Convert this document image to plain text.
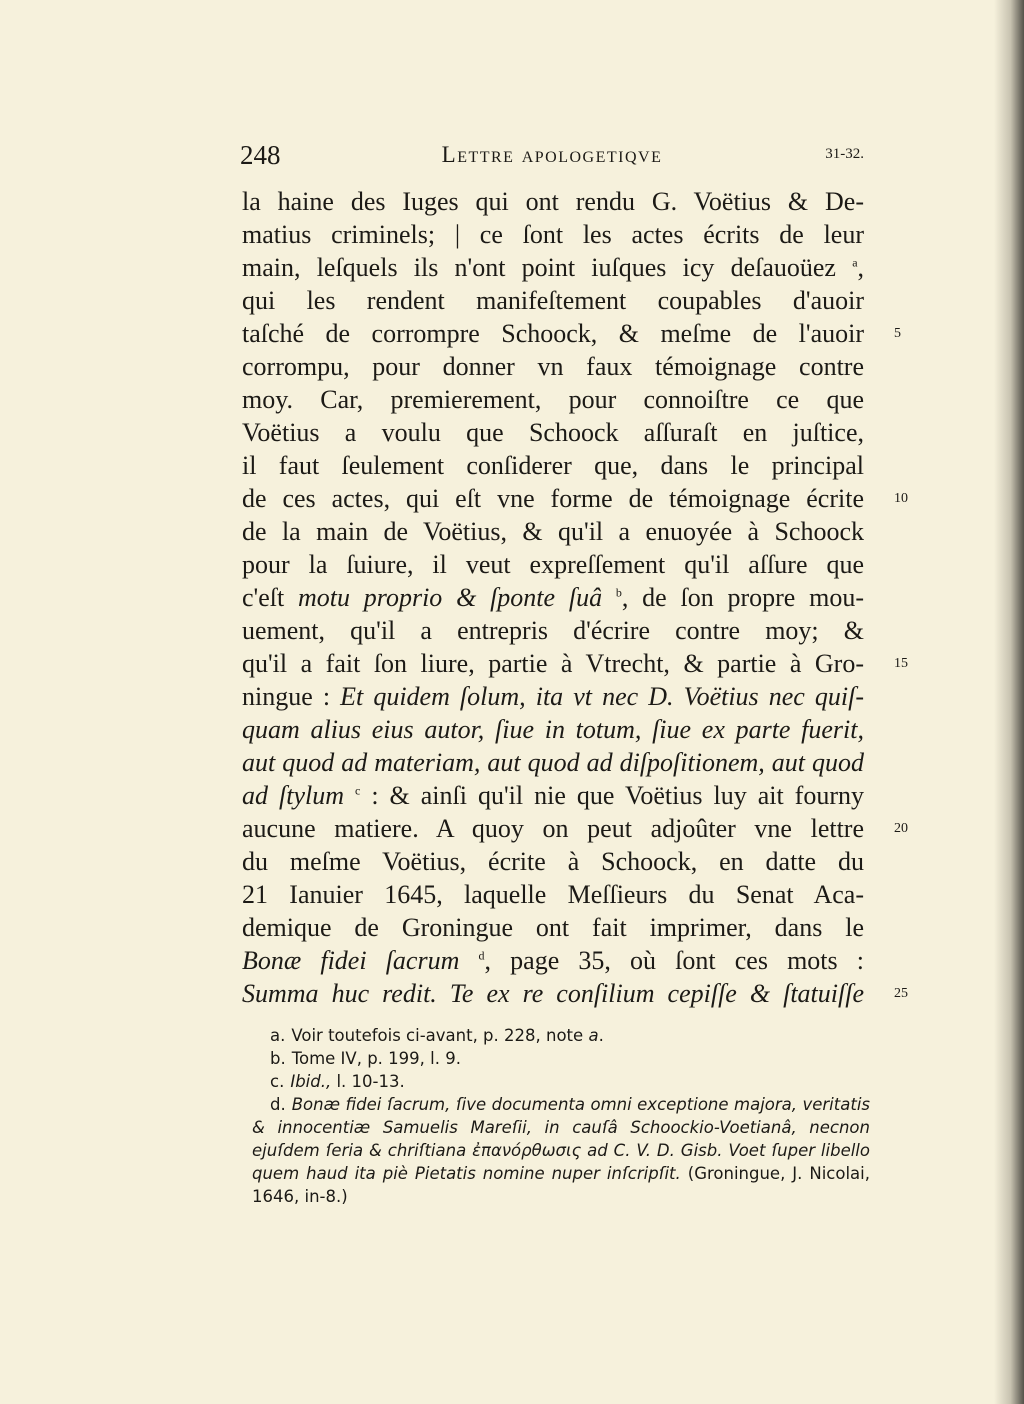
248	Lettre apologetiqve	31-32.
la haine des Iuges qui ont rendu G. Voëtius & De-
matius criminels; | ce ſont les actes écrits de leur
main, leſquels ils n'ont point iuſques icy deſauoüez $^a$,
qui les rendent manifeſtement coupables d'auoir
taſché de corrompre Schoock, & meſme de l'auoir 5
corrompu, pour donner vn faux témoignage contre
moy. Car, premierement, pour connoiſtre ce que
Voëtius a voulu que Schoock aſſuraſt en juſtice,
il faut ſeulement conſiderer que, dans le principal
de ces actes, qui eſt vne forme de témoignage écrite 10
de la main de Voëtius, & qu'il a enuoyée à Schoock
pour la ſuiure, il veut expreſſement qu'il aſſure que
c'eſt motu proprio & ſponte ſuâ $^b$, de ſon propre mou-
uement, qu'il a entrepris d'écrire contre moy; &
qu'il a fait ſon liure, partie à Vtrecht, & partie à Gro- 15
ningue : Et quidem ſolum, ita vt nec D. Voëtius nec quiſ-
quam alius eius autor, ſiue in totum, ſiue ex parte fuerit,
aut quod ad materiam, aut quod ad diſpoſitionem, aut quod
ad ſtylum $^c$ : & ainſi qu'il nie que Voëtius luy ait fourny
aucune matiere. A quoy on peut adjoûter vne lettre 20
du meſme Voëtius, écrite à Schoock, en datte du
21 Ianuier 1645, laquelle Meſſieurs du Senat Aca-
demique de Groningue ont fait imprimer, dans le
Bonæ fidei ſacrum $^d$, page 35, où ſont ces mots :
Summa huc redit. Te ex re conſilium cepiſſe & ſtatuiſſe 25
a. Voir toutefois ci-avant, p. 228, note a.
b. Tome IV, p. 199, l. 9.
c. Ibid., l. 10-13.
d. Bonæ fidei ſacrum, ſive documenta omni exceptione majora, veritatis & innocentiæ Samuelis Mareſii, in cauſâ Schoockio-Voetianâ, necnon ejuſdem ſeria & chriſtiana ἐπανόρθωσις ad C. V. D. Gisb. Voet ſuper libello quem haud ita piè Pietatis nomine nuper inſcripſit. (Groningue, J. Nicolai, 1646, in-8.)
